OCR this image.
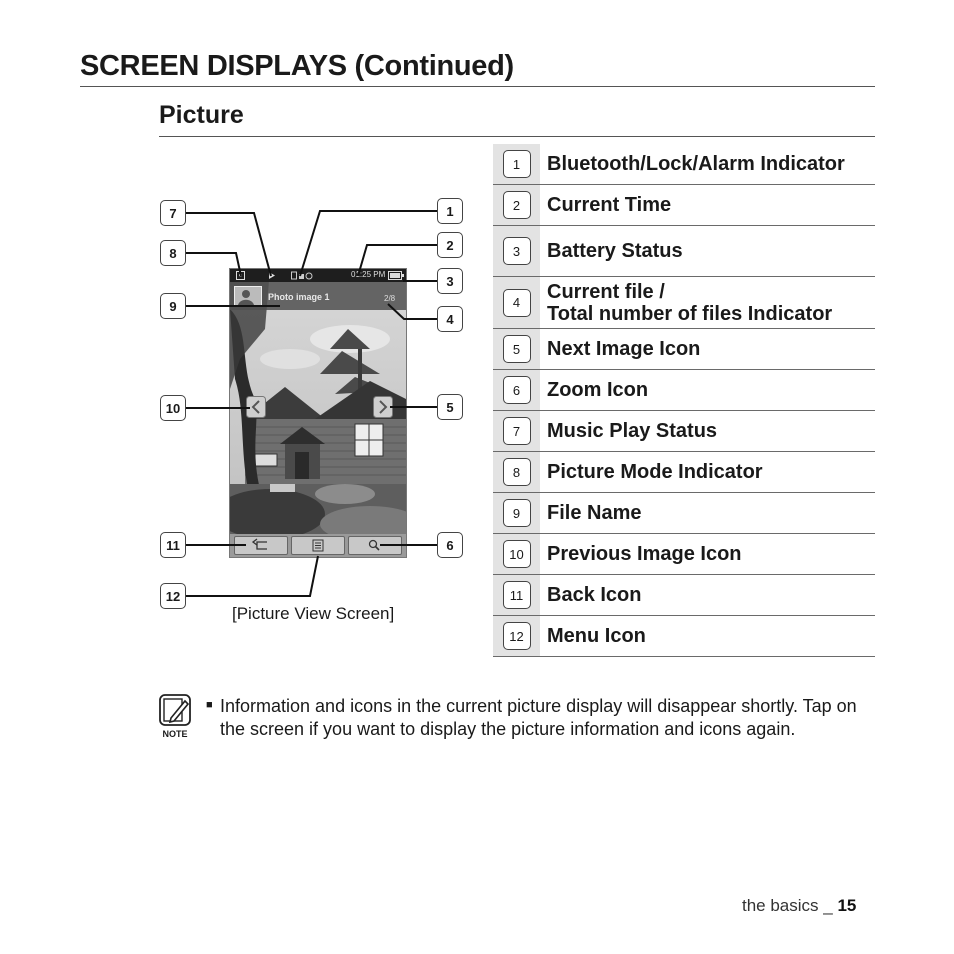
SCREEN DISPLAYS (Continued)
Picture
1	Bluetooth/Lock/Alarm Indicator
2	Current Time
3	Battery Status
4	Current file /
Total number of files Indicator
5	Next Image Icon
6	Zoom Icon
7	Music Play Status
8	Picture Mode Indicator
9	File Name
10	Previous Image Icon
11	Back Icon
12	Menu Icon
01:25 PM
Photo image 1	2/8
7
8
9
10
11
12
1
2
3
4
5
6
[Picture View Screen]
NOTE
■ Information and icons in the current picture display will disappear shortly. Tap on the screen if you want to display the picture information and icons again.
the basics _ 15
